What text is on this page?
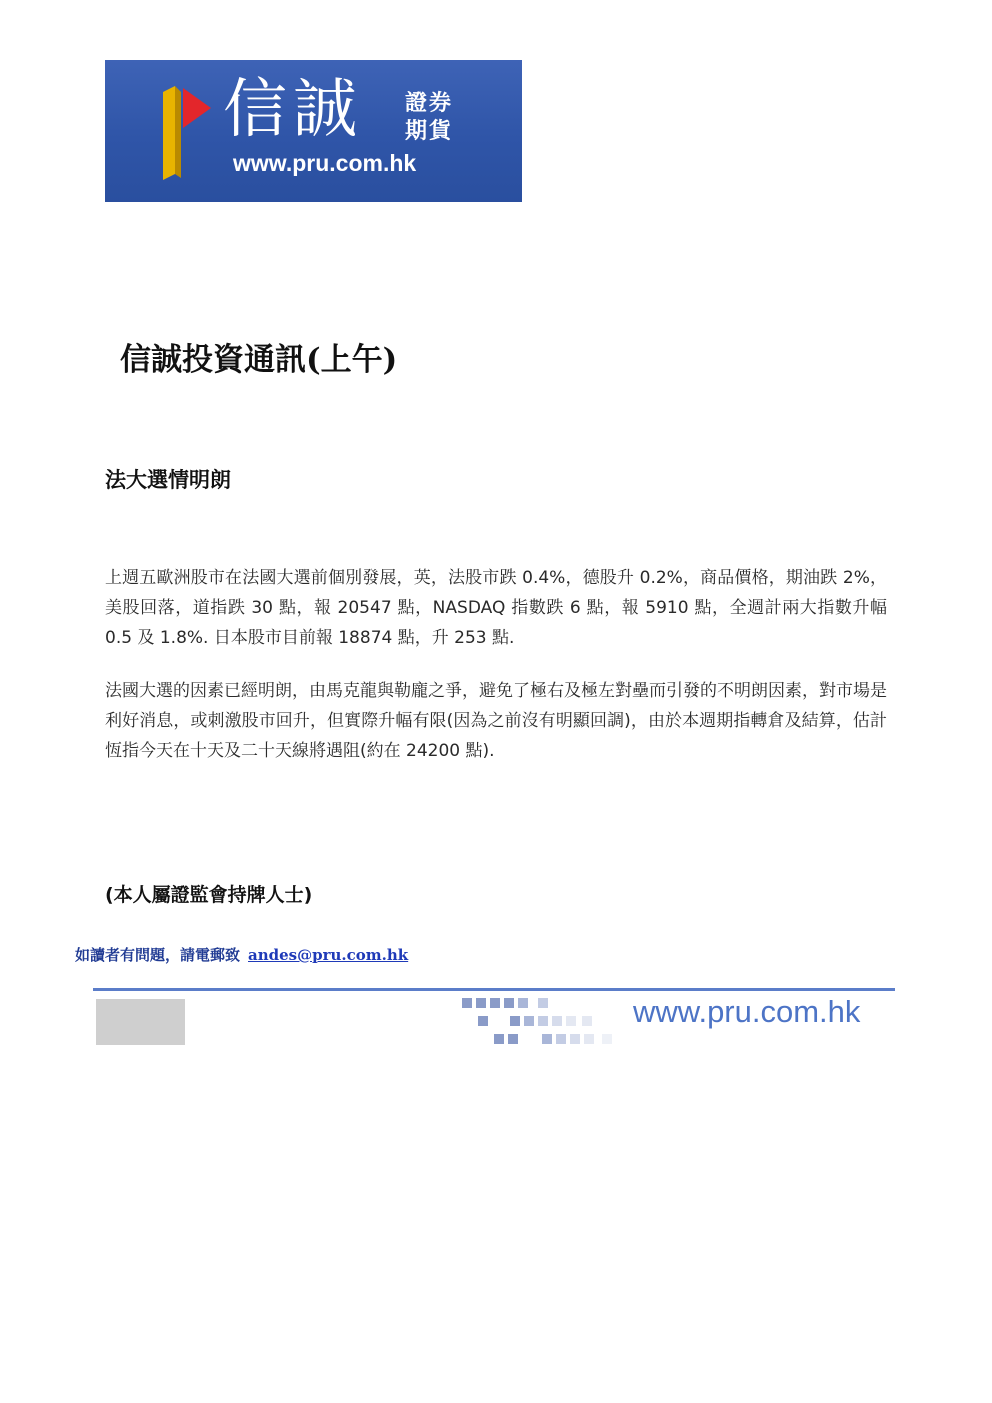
信誠 證券
期貨
www.pru.com.hk
信誠投資通訊(上午)
法大選情明朗

上週五歐洲股市在法國大選前個別發展，英，法股市跌 0.4%，德股升 0.2%，商品價格，期油跌 2%，美股回落，道指跌 30 點，報 20547 點，NASDAQ 指數跌 6 點，報 5910 點，全週計兩大指數升幅 0.5 及 1.8%. 日本股市目前報 18874 點，升 253 點.

法國大選的因素已經明朗，由馬克龍與勒龐之爭，避免了極右及極左對壘而引發的不明朗因素，對市場是利好消息，或刺激股市回升，但實際升幅有限(因為之前沒有明顯回調)，由於本週期指轉倉及結算，估計恆指今天在十天及二十天線將遇阻(約在 24200 點).

(本人屬證監會持牌人士)

如讀者有問題，請電郵致 andes@pru.com.hk
www.pru.com.hk
